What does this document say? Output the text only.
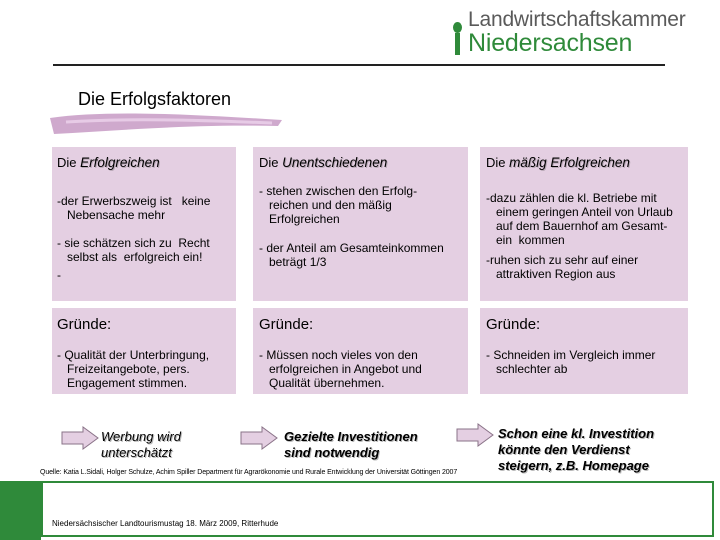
Landwirtschaftskammer
Niedersachsen
Die Erfolgsfaktoren
Die Erfolgreichen
-der Erwerbszweig ist   keine
Nebensache mehr
- sie schätzen sich zu  Recht
selbst als  erfolgreich ein!
-
Gründe:
- Qualität der Unterbringung,
Freizeitangebote, pers.
Engagement stimmen.
Die Unentschiedenen
- stehen zwischen den Erfolg-
reichen und den mäßig
Erfolgreichen
- der Anteil am Gesamteinkommen
beträgt 1/3
Gründe:
- Müssen noch vieles von den
erfolgreichen in Angebot und
Qualität übernehmen.
Die mäßig Erfolgreichen
-dazu zählen die kl. Betriebe mit
einem geringen Anteil von Urlaub
auf dem Bauernhof am Gesamt-
ein  kommen
-ruhen sich zu sehr auf einer
attraktiven Region aus
Gründe:
- Schneiden im Vergleich immer
schlechter ab
Werbung wird
unterschätzt
Gezielte Investitionen
sind notwendig
Schon eine kl. Investition
könnte den Verdienst
steigern, z.B. Homepage
Quelle: Katia L.Sidali, Holger Schulze, Achim Spiller Department für Agrarökonomie und Rurale Entwicklung der Universität Göttingen 2007
Niedersächsischer Landtourismustag 18. März 2009, Ritterhude
